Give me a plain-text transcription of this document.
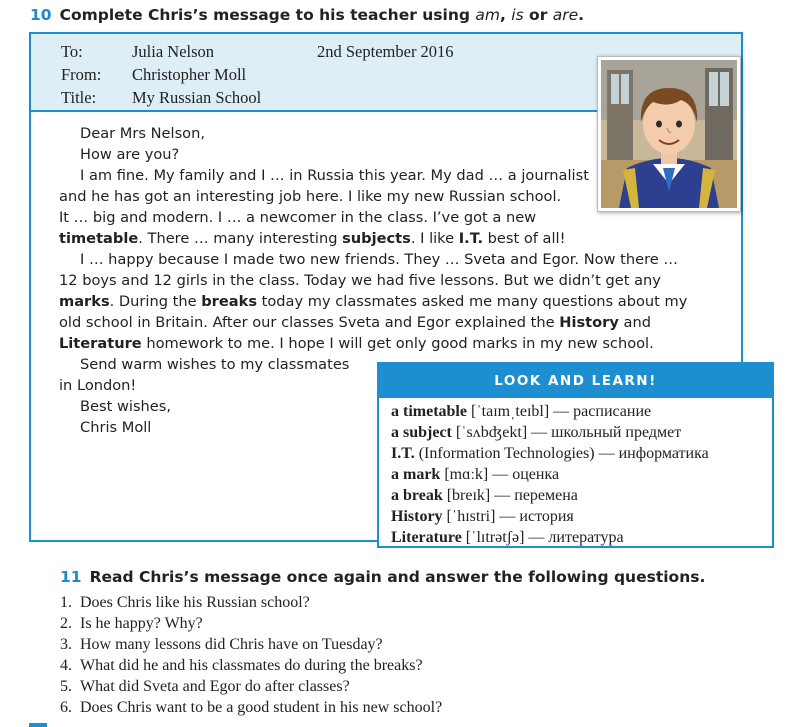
10 Complete Chris’s message to his teacher using am, is or are.
To:	Julia Nelson	2nd September 2016
From: Christopher Moll
Title: My Russian School
Dear Mrs Nelson,
How are you?
I am fine. My family and I … in Russia this year. My dad … a journalist
and he has got an interesting job here. I like my new Russian school.
It … big and modern. I … a newcomer in the class. I’ve got a new
timetable. There … many interesting subjects. I like I.T. best of all!
I … happy because I made two new friends. They … Sveta and Egor. Now there …
12 boys and 12 girls in the class. Today we had five lessons. But we didn’t get any
marks. During the breaks today my classmates asked me many questions about my
old school in Britain. After our classes Sveta and Egor explained the History and
Literature homework to me. I hope I will get only good marks in my new school.
Send warm wishes to my classmates
in London!
Best wishes,
Chris Moll
LOOK AND LEARN!
a timetable [ˈtaɪmˌteɪbl] — расписание
a subject [ˈsʌbʤekt] — школьный предмет
I.T. (Information Technologies) — информатика
a mark [mɑːk] — оценка
a break [breɪk] — перемена
History [ˈhɪstri] — история
Literature [ˈlɪtrətʃə] — литература
11 Read Chris’s message once again and answer the following questions.
1. Does Chris like his Russian school?
2. Is he happy? Why?
3. How many lessons did Chris have on Tuesday?
4. What did he and his classmates do during the breaks?
5. What did Sveta and Egor do after classes?
6. Does Chris want to be a good student in his new school?
